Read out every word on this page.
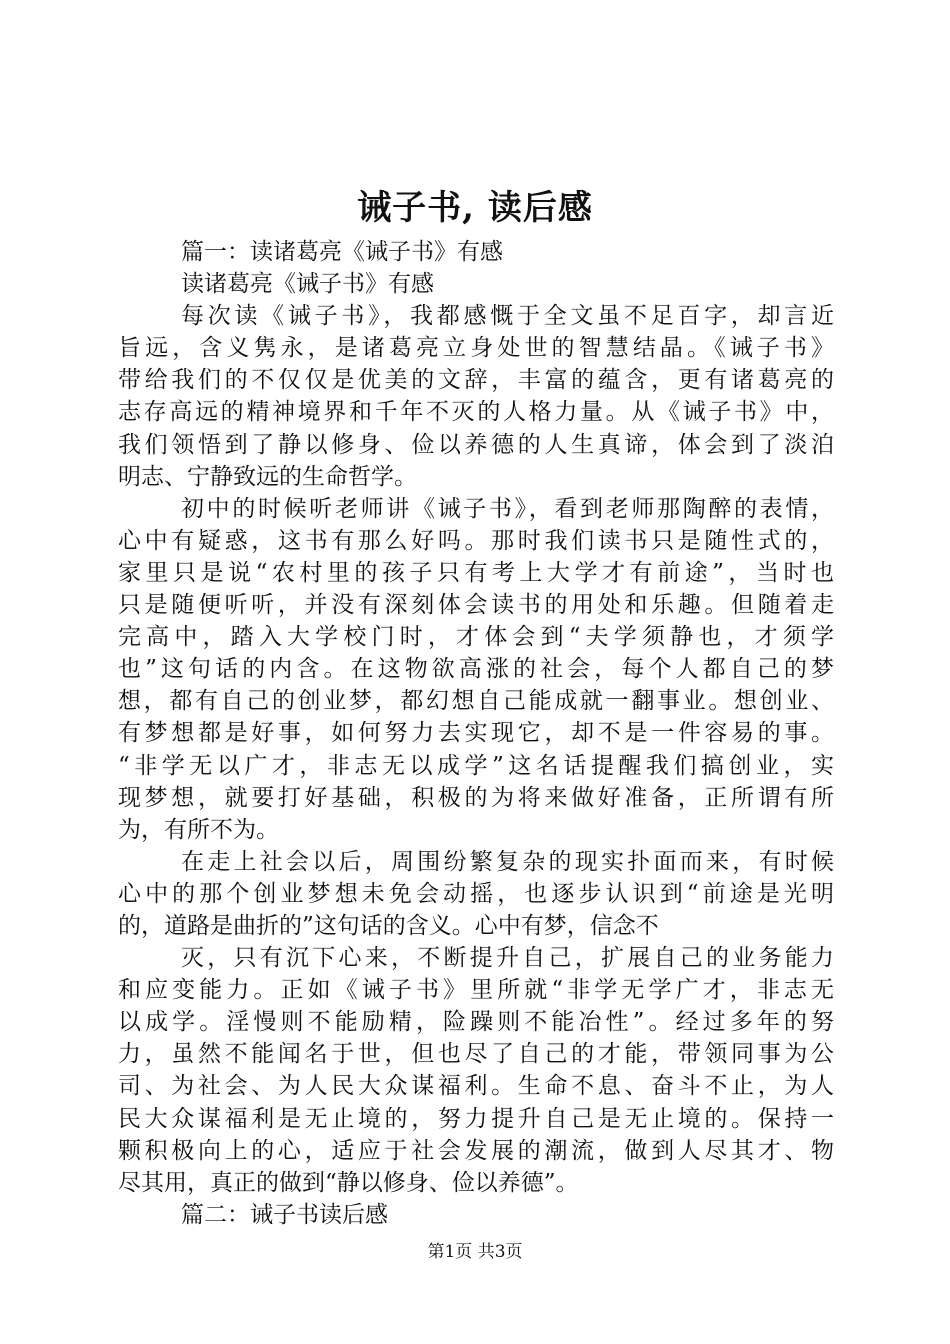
诫子书, 读后感
篇一：读诸葛亮《诫子书》有感
读诸葛亮《诫子书》有感
每次读《诫子书》，我都感慨于全文虽不足百字，却言近
旨远，含义隽永，是诸葛亮立身处世的智慧结晶。《诫子书》
带给我们的不仅仅是优美的文辞，丰富的蕴含，更有诸葛亮的
志存高远的精神境界和千年不灭的人格力量。从《诫子书》中，
我们领悟到了静以修身、俭以养德的人生真谛，体会到了淡泊
明志、宁静致远的生命哲学。
初中的时候听老师讲《诫子书》，看到老师那陶醉的表情，
心中有疑惑，这书有那么好吗。那时我们读书只是随性式的，
家里只是说“农村里的孩子只有考上大学才有前途”，当时也
只是随便听听，并没有深刻体会读书的用处和乐趣。但随着走
完高中，踏入大学校门时，才体会到“夫学须静也，才须学
也”这句话的内含。在这物欲高涨的社会，每个人都自己的梦
想，都有自己的创业梦，都幻想自己能成就一翻事业。想创业、
有梦想都是好事，如何努力去实现它，却不是一件容易的事。
“非学无以广才，非志无以成学”这名话提醒我们搞创业，实
现梦想，就要打好基础，积极的为将来做好准备，正所谓有所
为，有所不为。
在走上社会以后，周围纷繁复杂的现实扑面而来，有时候
心中的那个创业梦想未免会动摇，也逐步认识到“前途是光明
的，道路是曲折的”这句话的含义。心中有梦，信念不
灭，只有沉下心来，不断提升自己，扩展自己的业务能力
和应变能力。正如《诫子书》里所就“非学无学广才，非志无
以成学。淫慢则不能励精，险躁则不能冶性”。经过多年的努
力，虽然不能闻名于世，但也尽了自己的才能，带领同事为公
司、为社会、为人民大众谋福利。生命不息、奋斗不止，为人
民大众谋福利是无止境的，努力提升自己是无止境的。保持一
颗积极向上的心，适应于社会发展的潮流，做到人尽其才、物
尽其用，真正的做到“静以修身、俭以养德”。
篇二：诫子书读后感
第1页 共3页
